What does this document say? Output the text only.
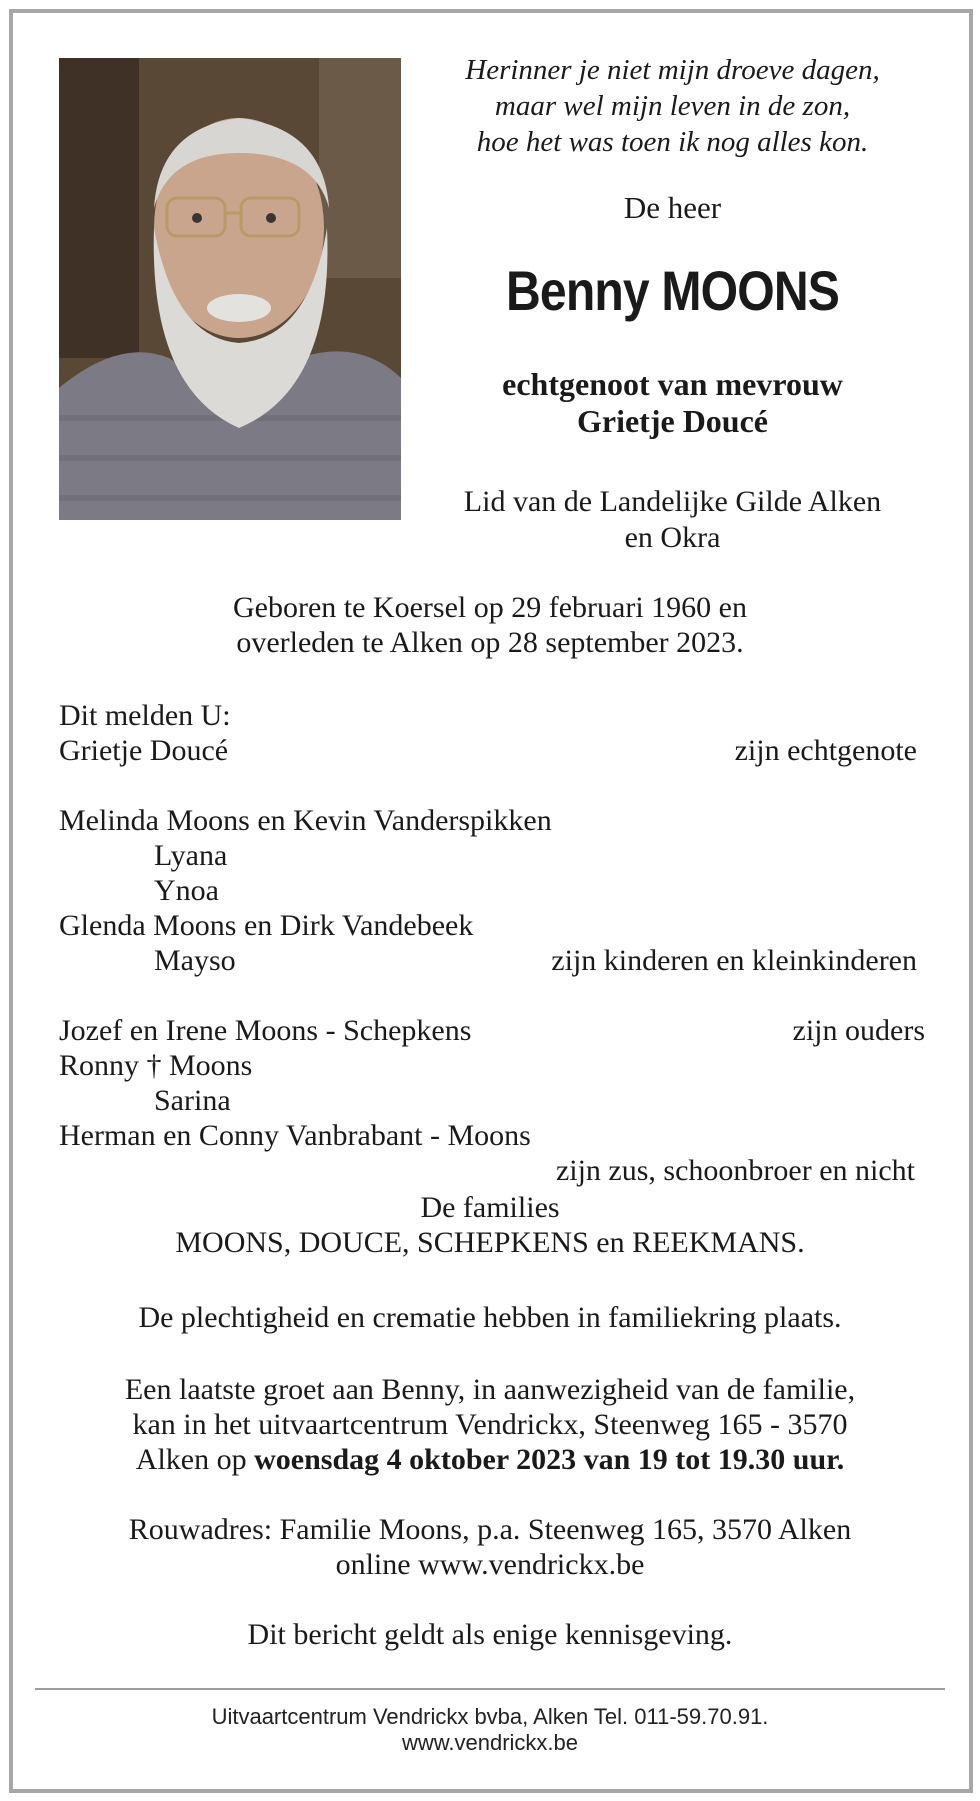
Herinner je niet mijn droeve dagen,
maar wel mijn leven in de zon,
hoe het was toen ik nog alles kon.
De heer
Benny MOONS
echtgenoot van mevrouw
Grietje Doucé
Lid van de Landelijke Gilde Alken
en Okra
Geboren te Koersel op 29 februari 1960 en
overleden te Alken op 28 september 2023.
Dit melden U:
Grietje Doucé	zijn echtgenote
Melinda Moons en Kevin Vanderspikken
Lyana
Ynoa
Glenda Moons en Dirk Vandebeek
Mayso	zijn kinderen en kleinkinderen
Jozef en Irene Moons - Schepkens	zijn ouders
Ronny † Moons
Sarina
Herman en Conny Vanbrabant - Moons
zijn zus, schoonbroer en nicht
De families
MOONS, DOUCE, SCHEPKENS en REEKMANS.
De plechtigheid en crematie hebben in familiekring plaats.
Een laatste groet aan Benny, in aanwezigheid van de familie,
kan in het uitvaartcentrum Vendrickx, Steenweg 165 - 3570
Alken op woensdag 4 oktober 2023 van 19 tot 19.30 uur.
Rouwadres: Familie Moons, p.a. Steenweg 165, 3570 Alken
online www.vendrickx.be
Dit bericht geldt als enige kennisgeving.
Uitvaartcentrum Vendrickx bvba, Alken Tel. 011-59.70.91.
www.vendrickx.be
